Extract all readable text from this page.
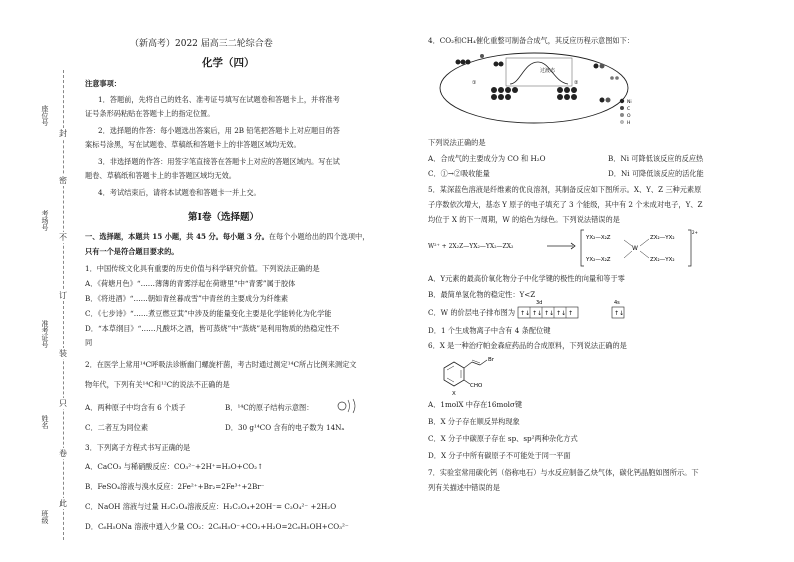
班级
姓名
准考证号
考场号
座位号
此
卷
只
装
订
不
密
封
（新高考）2022 届高三二轮综合卷
化学（四）
注意事项：
1．答题前，先将自己的姓名、准考证号填写在试题卷和答题卡上，并将准考
证号条形码粘贴在答题卡上的指定位置。
2．选择题的作答：每小题选出答案后，用 2B 铅笔把答题卡上对应题目的答
案标号涂黑，写在试题卷、草稿纸和答题卡上的非答题区域均无效。
3．非选择题的作答：用签字笔直接答在答题卡上对应的答题区域内。写在试
题卷、草稿纸和答题卡上的非答题区域均无效。
4．考试结束后，请将本试题卷和答题卡一并上交。
第Ⅰ卷（选择题）
一、选择题，本题共 15 小题，共 45 分。每小题 3 分。在每个小题给出的四个选项中，
只有一个是符合题目要求的。
1．中国传统文化具有重要的历史价值与科学研究价值。下列说法正确的是
A．《荷塘月色》“……薄薄的青雾浮起在荷塘里”中“青雾”属于胶体
B．《将进酒》“……朝如青丝暮成雪”中青丝的主要成分为纤维素
C．《七步诗》“……煮豆燃豆萁”中涉及的能量变化主要是化学能转化为化学能
D．“本草纲目》“……凡酸坏之酒，皆可蒸烧”中“蒸烧”是利用物质的热稳定性不
同
2．在医学上常用¹⁴C呼吸法诊断幽门螺旋杆菌，考古时通过测定¹⁴C所占比例来测定文
物年代，下列有关¹⁴C和¹²C的说法不正确的是
A．两种原子中均含有 6 个质子	B．¹⁴C的原子结构示意图：
C．二者互为同位素	D．30 g¹⁴CO 含有的电子数为 14Nₐ
3．下列离子方程式书写正确的是
A．CaCO₃ 与稀硝酸反应：CO₃²⁻+2H⁺=H₂O+CO₂↑
B．FeSO₄溶液与溴水反应：2Fe²⁺+Br₂=2Fe³⁺+2Br⁻
C．NaOH 溶液与过量 H₂C₂O₄溶液反应：H₂C₂O₄+2OH⁻= C₂O₄²⁻ +2H₂O
D．C₆H₅ONa 溶液中通入少量 CO₂：2C₆H₅O⁻+CO₂+H₂O=2C₆H₅OH+CO₃²⁻
4．CO₂和CH₄催化重整可制备合成气，其反应历程示意图如下：
过渡态
①	②
Ni
C
O
H
下列说法正确的是
A．合成气的主要成分为 CO 和 H₂O	B．Ni 可降低该反应的反应热
C．①→②吸收能量	D．Ni 可降低该反应的活化能
5．某深蓝色溶液是纤维素的优良溶剂，其制备反应如下图所示。X、Y、Z 三种元素原
子序数依次增大，基态 Y 原子的电子填充了 3 个能级，其中有 2 个未成对电子，Y、Z
均位于 X 的下一周期，W 的焰色为绿色。下列说法错误的是
W²⁺ + 2X₂Z—YX₂—YX₂—ZX₂ → YX₂—X₂Z
YX₂—X₂Z
W
ZX₂—YX₂
ZX₂—YX₂
2+
A．Y元素的最高价氧化物分子中化学键的极性的向量和等于零
B．最简单氢化物的稳定性：Y<Z
C．W 的价层电子排布图为
3d	4s
↑↓ ↑↓ ↑↓ ↑↓ ↑	↑↓
D．1 个生成物离子中含有 4 条配位键
6．X 是一种治疗帕金森症药品的合成原料，下列说法正确的是
Br
CHO
X
A．1molX 中存在16molσ键
B．X 分子存在顺反异构现象
C．X 分子中碳原子存在 sp、sp²两种杂化方式
D．X 分子中所有碳原子不可能处于同一平面
7．实验室常用碳化钙（俗称电石）与水反应制备乙炔气体，碳化钙晶胞如图所示。下
列有关描述中错误的是
